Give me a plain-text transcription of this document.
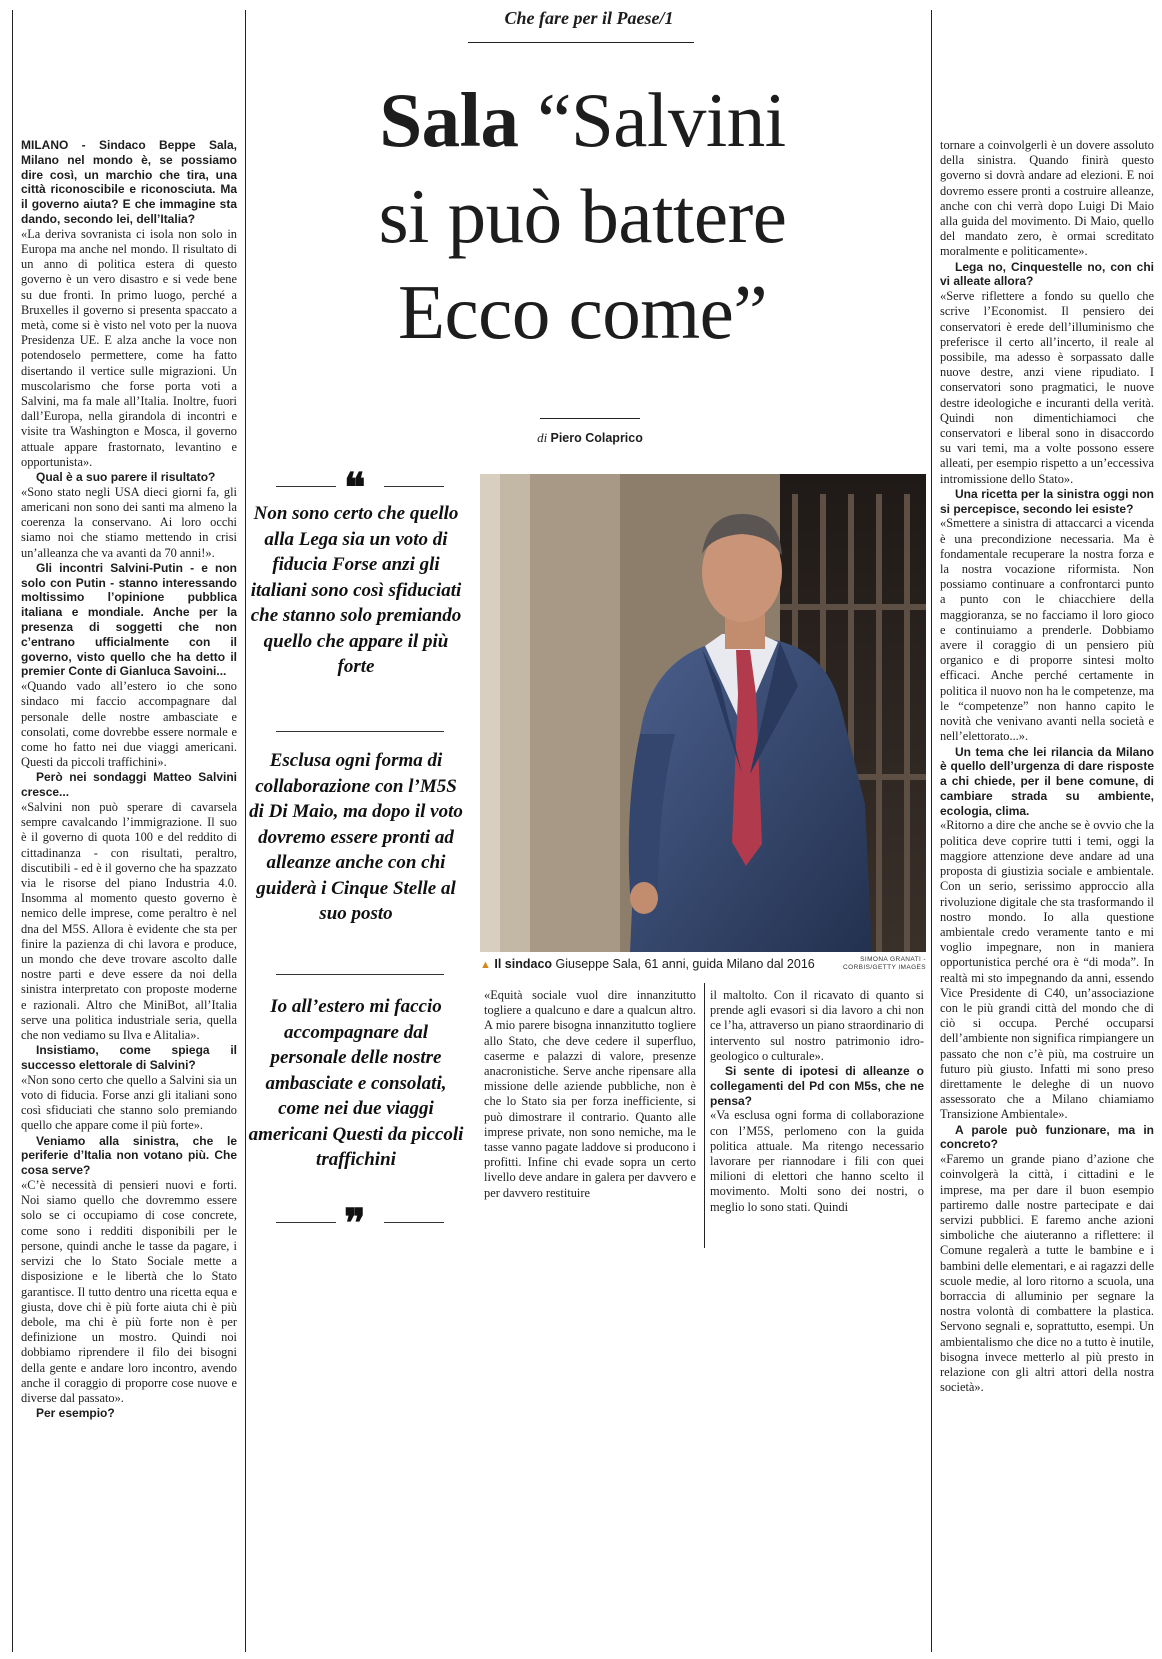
Che fare per il Paese/1
Sala “Salvini
si può battere
Ecco come”
di Piero Colaprico
❝
Non sono certo che quello alla Lega sia un voto di fiducia Forse anzi gli italiani sono così sfiduciati che stanno solo premiando quello che appare il più forte
Esclusa ogni forma di collaborazione con l’M5S di Di Maio, ma dopo il voto dovremo essere pronti ad alleanze anche con chi guiderà i Cinque Stelle al suo posto
Io all’estero mi faccio accompagnare dal personale delle nostre ambasciate e consolati, come nei due viaggi americani Questi da piccoli traffichini
❞
SIMONA GRANATI -
CORBIS/GETTY IMAGES
▲ Il sindaco Giuseppe Sala, 61 anni, guida Milano dal 2016

MILANO - Sindaco Beppe Sala, Milano nel mondo è, se possiamo dire così, un marchio che tira, una città riconoscibile e riconosciuta. Ma il governo aiuta? E che immagine sta dando, secondo lei, dell’Italia?

«La deriva sovranista ci isola non solo in Europa ma anche nel mondo. Il risultato di un anno di politica estera di questo governo è un vero disastro e si vede bene su due fronti. In primo luogo, perché a Bruxelles il governo si presenta spaccato a metà, come si è visto nel voto per la nuova Presidenza UE. E alza anche la voce non potendoselo permettere, come ha fatto disertando il vertice sulle migrazioni. Un muscolarismo che forse porta voti a Salvini, ma fa male all’Italia. Inoltre, fuori dall’Europa, nella girandola di incontri e visite tra Washington e Mosca, il governo attuale appare frastornato, levantino e opportunista».

Qual è a suo parere il risultato?

«Sono stato negli USA dieci giorni fa, gli americani non sono dei santi ma almeno la coerenza la conservano. Ai loro occhi siamo noi che stiamo mettendo in crisi un’alleanza che va avanti da 70 anni!».

Gli incontri Salvini-Putin - e non solo con Putin - stanno interessando moltissimo l’opinione pubblica italiana e mondiale. Anche per la presenza di soggetti che non c’entrano ufficialmente con il governo, visto quello che ha detto il premier Conte di Gianluca Savoini...

«Quando vado all’estero io che sono sindaco mi faccio accompagnare dal personale delle nostre ambasciate e consolati, come dovrebbe essere normale e come ho fatto nei due viaggi americani. Questi da piccoli traffichini».

Però nei sondaggi Matteo Salvini cresce...

«Salvini non può sperare di cavarsela sempre cavalcando l’immigrazione. Il suo è il governo di quota 100 e del reddito di cittadinanza - con risultati, peraltro, discutibili - ed è il governo che ha spazzato via le risorse del piano Industria 4.0. Insomma al momento questo governo è nemico delle imprese, come peraltro è nel dna del M5S. Allora è evidente che sta per finire la pazienza di chi lavora e produce, un mondo che deve trovare ascolto dalle nostre parti e deve essere da noi della sinistra interpretato con proposte moderne e razionali. Altro che MiniBot, all’Italia serve una politica industriale seria, quella che non vediamo su Ilva e Alitalia».

Insistiamo, come spiega il successo elettorale di Salvini?

«Non sono certo che quello a Salvini sia un voto di fiducia. Forse anzi gli italiani sono così sfiduciati che stanno solo premiando quello che appare come il più forte».

Veniamo alla sinistra, che le periferie d’Italia non votano più. Che cosa serve?

«C’è necessità di pensieri nuovi e forti. Noi siamo quello che dovremmo essere solo se ci occupiamo di cose concrete, come sono i redditi disponibili per le persone, quindi anche le tasse da pagare, i servizi che lo Stato Sociale mette a disposizione e le libertà che lo Stato garantisce. Il tutto dentro una ricetta equa e giusta, dove chi è più forte aiuta chi è più debole, ma chi è più forte non è per definizione un mostro. Quindi noi dobbiamo riprendere il filo dei bisogni della gente e andare loro incontro, avendo anche il coraggio di proporre cose nuove e diverse dal passato».

Per esempio?

«Equità sociale vuol dire innanzitutto togliere a qualcuno e dare a qualcun altro. A mio parere bisogna innanzitutto togliere allo Stato, che deve cedere il superfluo, caserme e palazzi di valore, presenze anacronistiche. Serve anche ripensare alla missione delle aziende pubbliche, non è che lo Stato sia per forza inefficiente, si può dimostrare il contrario. Quanto alle imprese private, non sono nemiche, ma le tasse vanno pagate laddove si producono i profitti. Infine chi evade sopra un certo livello deve andare in galera per davvero e per davvero restituire

il maltolto. Con il ricavato di quanto si prende agli evasori si dia lavoro a chi non ce l’ha, attraverso un piano straordinario di intervento sul nostro patrimonio idro-geologico o culturale».

Si sente di ipotesi di alleanze o collegamenti del Pd con M5s, che ne pensa?

«Va esclusa ogni forma di collaborazione con l’M5S, perlomeno con la guida politica attuale. Ma ritengo necessario lavorare per riannodare i fili con quei milioni di elettori che hanno scelto il movimento. Molti sono dei nostri, o meglio lo sono stati. Quindi

tornare a coinvolgerli è un dovere assoluto della sinistra. Quando finirà questo governo si dovrà andare ad elezioni. E noi dovremo essere pronti a costruire alleanze, anche con chi verrà dopo Luigi Di Maio alla guida del movimento. Di Maio, quello del mandato zero, è ormai screditato moralmente e politicamente».

Lega no, Cinquestelle no, con chi vi alleate allora?

«Serve riflettere a fondo su quello che scrive l’Economist. Il pensiero dei conservatori è erede dell’illuminismo che preferisce il certo all’incerto, il reale al possibile, ma adesso è sorpassato dalle nuove destre, anzi viene ripudiato. I conservatori sono pragmatici, le nuove destre ideologiche e incuranti della verità. Quindi non dimentichiamoci che conservatori e liberal sono in disaccordo su vari temi, ma a volte possono essere alleati, per esempio rispetto a un’eccessiva intromissione dello Stato».

Una ricetta per la sinistra oggi non si percepisce, secondo lei esiste?

«Smettere a sinistra di attaccarci a vicenda è una precondizione necessaria. Ma è fondamentale recuperare la nostra forza e la nostra vocazione riformista. Non possiamo continuare a confrontarci punto a punto con le chiacchiere della maggioranza, se no facciamo il loro gioco e continuiamo a prenderle. Dobbiamo avere il coraggio di un pensiero più organico e di proporre sintesi molto efficaci. Anche perché certamente in politica il nuovo non ha le competenze, ma le “competenze” non hanno capito le novità che venivano avanti nella società e nell’elettorato...».

Un tema che lei rilancia da Milano è quello dell’urgenza di dare risposte a chi chiede, per il bene comune, di cambiare strada su ambiente, ecologia, clima.

«Ritorno a dire che anche se è ovvio che la politica deve coprire tutti i temi, oggi la maggiore attenzione deve andare ad una proposta di giustizia sociale e ambientale. Con un serio, serissimo approccio alla rivoluzione digitale che sta trasformando il nostro mondo. Io alla questione ambientale credo veramente tanto e mi voglio impegnare, non in maniera opportunistica perché ora è “di moda”. In realtà mi sto impegnando da anni, essendo Vice Presidente di C40, un’associazione con le più grandi città del mondo che di ciò si occupa. Perché occuparsi dell’ambiente non significa rimpiangere un passato che non c’è più, ma costruire un futuro più giusto. Infatti mi sono preso direttamente le deleghe di un nuovo assessorato che a Milano chiamiamo Transizione Ambientale».

A parole può funzionare, ma in concreto?

«Faremo un grande piano d’azione che coinvolgerà la città, i cittadini e le imprese, ma per dare il buon esempio partiremo dalle nostre partecipate e dai servizi pubblici. E faremo anche azioni simboliche che aiuteranno a riflettere: il Comune regalerà a tutte le bambine e i bambini delle elementari, e ai ragazzi delle scuole medie, al loro ritorno a scuola, una borraccia di alluminio per segnare la nostra volontà di combattere la plastica. Servono segnali e, soprattutto, esempi. Un ambientalismo che dice no a tutto è inutile, bisogna invece metterlo al più presto in relazione con gli altri attori della nostra società».
